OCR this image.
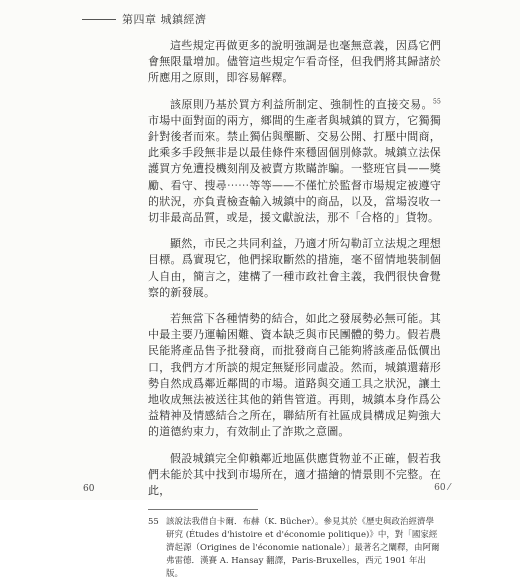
第四章 城鎮經濟

這些規定再做更多的說明強調是也毫無意義，因爲它們會無限量增加。儘管這些規定乍看奇怪，但我們將其歸諸於所應用之原則，即容易解釋。

該原則乃基於買方利益所制定、強制性的直接交易。$^{55}$市場中面對面的兩方，鄉間的生產者與城鎮的買方，它獨獨針對後者而來。禁止獨佔與壟斷、交易公開、打壓中間商，此乘多手段無非是以最佳條件來穩固個別條款。城鎮立法保護買方免遭投機刻削及被賣方欺瞞詐騙。一整班官員——獎勵、看守、搜尋⋯⋯等等——不僅忙於監督市場規定被遵守的狀況，亦負責檢查輸入城鎮中的商品，以及，當場沒收一切非最高品質，或是，援文獻說法，那不「合格的」貨物。

顯然，市民之共同利益，乃適才所勾勒訂立法規之理想目標。爲實現它，他們採取斷然的措施，毫不留情地裝制個人自由，簡言之，建構了一種市政社會主義，我們很快會覺察的新發展。

若無當下各種情勢的結合，如此之發展勢必無可能。其中最主要乃運輸困難、資本缺乏與市民團體的勢力。假若農民能將產品售予批發商，而批發商自己能夠將該產品低價出口，我們方才所談的規定無疑形同虛設。然而，城鎮還藉形勢自然成爲鄰近鄰間的市場。道路與交通工具之狀況，讓土地收成無法被送往其他的銷售管道。再則，城鎮本身作爲公益精神及情感結合之所在，聯結所有社區成員構成足夠強大的道德約束力，有效制止了詐欺之意圖。

假設城鎮完全仰賴鄰近地區供應貨物並不正確，假若我們未能於其中找到市場所在，適才描繪的情景則不完整。在此，

55 該說法我借自卡爾．布赫（K. Bücher）。參見其於《歷史與政治經濟學研究 (Études d'histoire et d'économie politique)》中，對「國家經濟起源（Origines de l'économie nationale）」最著名之闡釋，由阿爾弗雷德．漢賽 A. Hansay 翻譯，Paris-Bruxelles，西元 1901 年出版。
60	60 ⁄
